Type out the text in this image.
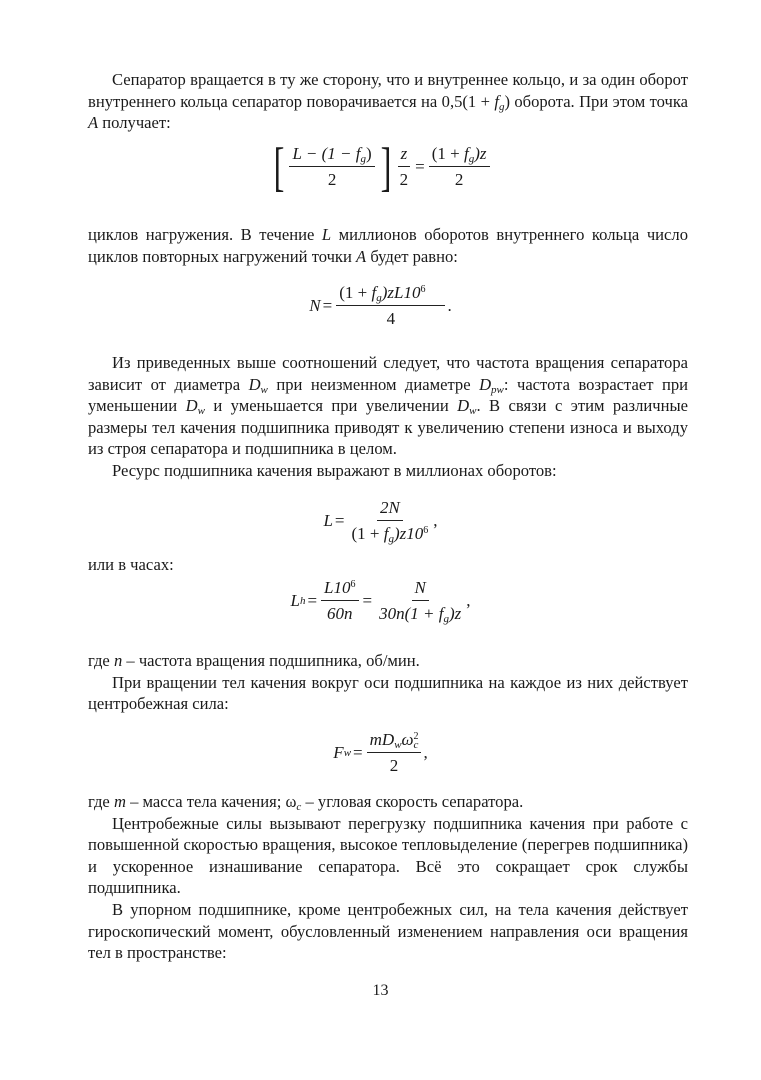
Сепаратор вращается в ту же сторону, что и внутреннее кольцо, и за один оборот внутреннего кольца сепаратор поворачивается на $0,5(1 + f_g)$ оборота. При этом точка A получает:

[ $L - (1 - f_g)$
2 ] $\frac{z}{2} = \frac{(1 + f_g)z}{2}$

циклов нагружения. В течение L миллионов оборотов внутреннего кольца число циклов повторных нагружений точки A будет равно:

$N = \frac{(1 + f_g)zL10^6}{4}$ .

Из приведенных выше соотношений следует, что частота вращения сепаратора зависит от диаметра $D_w$ при неизменном диаметре $D_{pw}$: частота возрастает при уменьшении $D_w$ и уменьшается при увеличении $D_w$. В связи с этим различные размеры тел качения подшипника приводят к увеличению степени износа и выходу из строя сепаратора и подшипника в целом.

Ресурс подшипника качения выражают в миллионах оборотов:

$L = \frac{2N}{(1 + f_g)z10^6}$ ,

или в часах:

L $h = \frac{L10^6}{60n} = \frac{N}{30n(1 + f_g)z}$ ,

где n – частота вращения подшипника, об/мин.

При вращении тел качения вокруг оси подшипника на каждое из них действует центробежная сила:

F w =
$mD_w\omega^2_c$
2
,

где m – масса тела качения; $\omega_c$ – угловая скорость сепаратора.

Центробежные силы вызывают перегрузку подшипника качения при работе с повышенной скоростью вращения, высокое тепловыделение (перегрев подшипника) и ускоренное изнашивание сепаратора. Всё это сокращает срок службы подшипника.

В упорном подшипнике, кроме центробежных сил, на тела качения действует гироскопический момент, обусловленный изменением направления оси вращения тел в пространстве:

13
